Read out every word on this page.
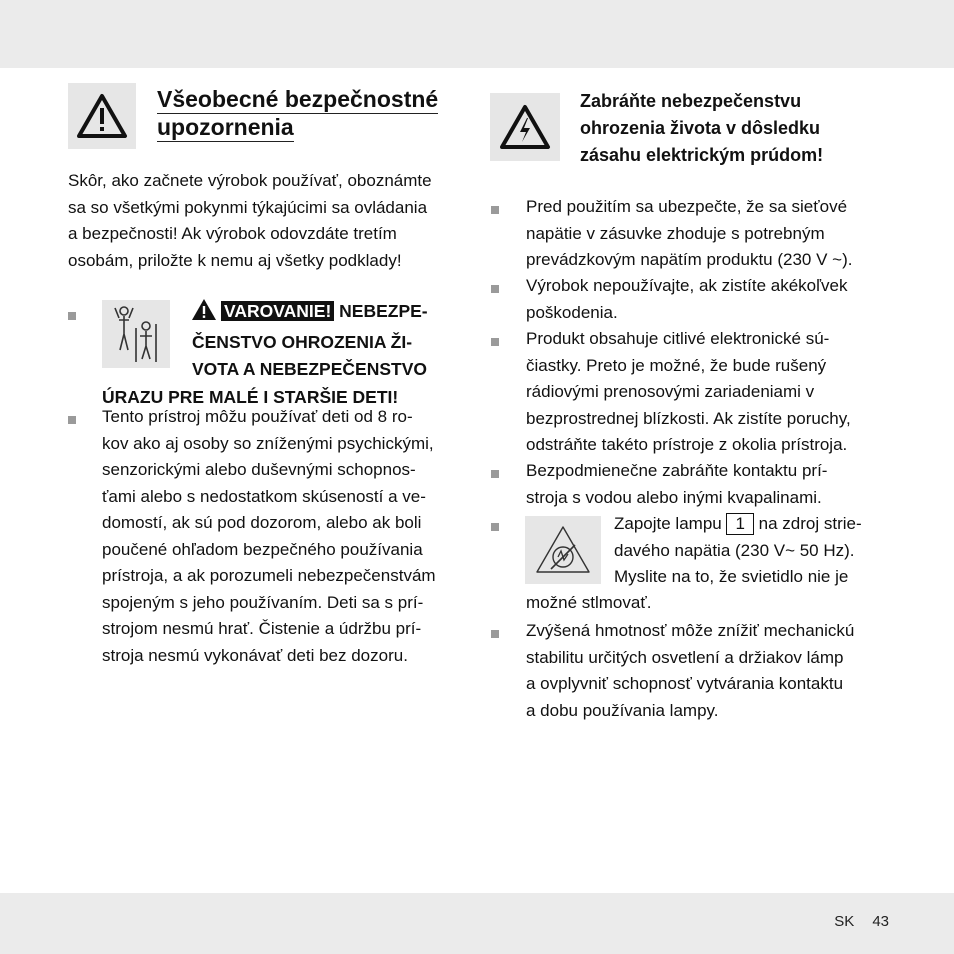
Všeobecné bezpečnostné
upozornenia
Skôr, ako začnete výrobok používať, oboznámte
sa so všetkými pokynmi týkajúcimi sa ovládania
a bezpečnosti! Ak výrobok odovzdáte tretím
osobám, priložte k nemu aj všetky podklady!
VAROVANIE! NEBEZPE-
ČENSTVO OHROZENIA ŽI-
VOTA A NEBEZPEČENSTVO
ÚRAZU PRE MALÉ I STARŠIE DETI!
Tento prístroj môžu používať deti od 8 ro-
kov ako aj osoby so zníženými psychickými,
senzorickými alebo duševnými schopnos-
ťami alebo s nedostatkom skúseností a ve-
domostí, ak sú pod dozorom, alebo ak boli
poučené ohľadom bezpečného používania
prístroja, a ak porozumeli nebezpečenstvám
spojeným s jeho používaním. Deti sa s prí-
strojom nesmú hrať. Čistenie a údržbu prí-
stroja nesmú vykonávať deti bez dozoru.
Zabráňte nebezpečenstvu
ohrozenia života v dôsledku
zásahu elektrickým prúdom!
Pred použitím sa ubezpečte, že sa sieťové
napätie v zásuvke zhoduje s potrebným
prevádzkovým napätím produktu (230 V ~).
Výrobok nepoužívajte, ak zistíte akékoľvek
poškodenia.
Produkt obsahuje citlivé elektronické sú-
čiastky. Preto je možné, že bude rušený
rádiovými prenosovými zariadeniami v
bezprostrednej blízkosti. Ak zistíte poruchy,
odstráňte takéto prístroje z okolia prístroja.
Bezpodmienečne zabráňte kontaktu prí-
stroja s vodou alebo inými kvapalinami.
Zapojte lampu 1 na zdroj strie-
davého napätia (230 V~ 50 Hz).
Myslite na to, že svietidlo nie je
možné stlmovať.
Zvýšená hmotnosť môže znížiť mechanickú
stabilitu určitých osvetlení a držiakov lámp
a ovplyvniť schopnosť vytvárania kontaktu
a dobu používania lampy.
SK 43
